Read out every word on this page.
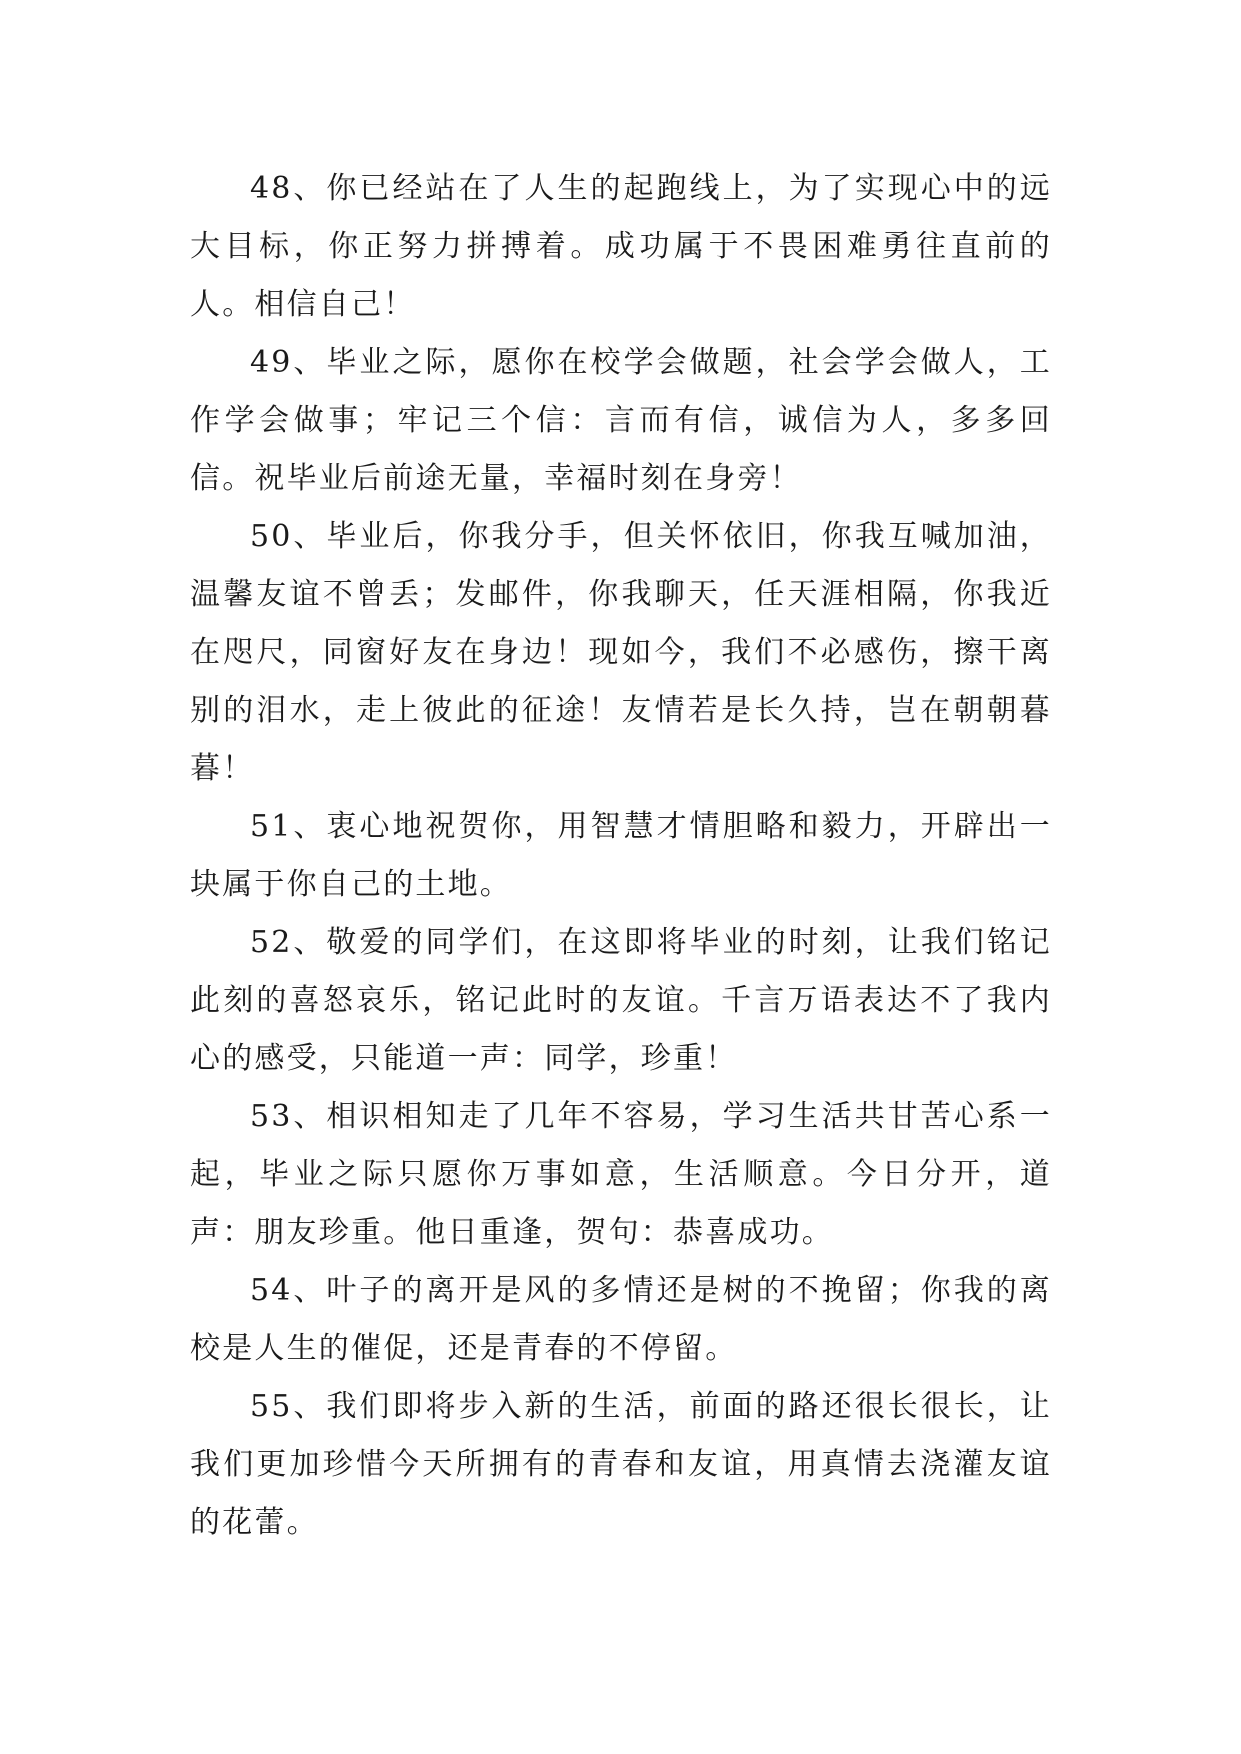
48、你已经站在了人生的起跑线上，为了实现心中的远大目标，你正努力拼搏着。成功属于不畏困难勇往直前的人。相信自己！

49、毕业之际，愿你在校学会做题，社会学会做人，工作学会做事；牢记三个信：言而有信，诚信为人，多多回信。祝毕业后前途无量，幸福时刻在身旁！

50、毕业后，你我分手，但关怀依旧，你我互喊加油，温馨友谊不曾丢；发邮件，你我聊天，任天涯相隔，你我近在咫尺，同窗好友在身边！现如今，我们不必感伤，擦干离别的泪水，走上彼此的征途！友情若是长久持，岂在朝朝暮暮！

51、衷心地祝贺你，用智慧才情胆略和毅力，开辟出一块属于你自己的土地。

52、敬爱的同学们，在这即将毕业的时刻，让我们铭记此刻的喜怒哀乐，铭记此时的友谊。千言万语表达不了我内心的感受，只能道一声：同学，珍重！

53、相识相知走了几年不容易，学习生活共甘苦心系一起，毕业之际只愿你万事如意，生活顺意。今日分开，道声：朋友珍重。他日重逢，贺句：恭喜成功。

54、叶子的离开是风的多情还是树的不挽留；你我的离校是人生的催促，还是青春的不停留。

55、我们即将步入新的生活，前面的路还很长很长，让我们更加珍惜今天所拥有的青春和友谊，用真情去浇灌友谊的花蕾。
